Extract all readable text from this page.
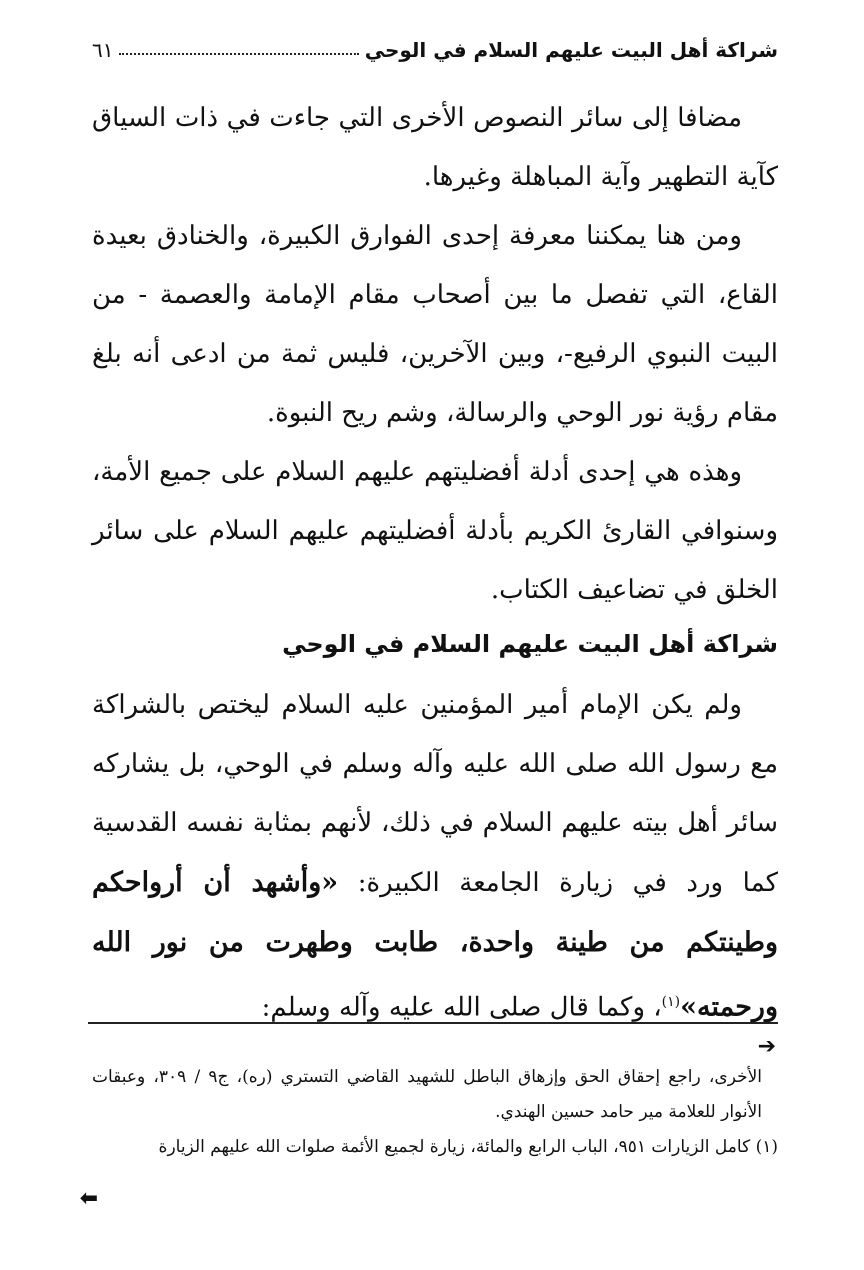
شراكة أهل البيت عليهم السلام في الوحي
٦١

مضافا إلى سائر النصوص الأخرى التي جاءت في ذات السياق كآية التطهير وآية المباهلة وغيرها.

ومن هنا يمكننا معرفة إحدى الفوارق الكبيرة، والخنادق بعيدة القاع، التي تفصل ما بين أصحاب مقام الإمامة والعصمة - من البيت النبوي الرفيع-، وبين الآخرين، فليس ثمة من ادعى أنه بلغ مقام رؤية نور الوحي والرسالة، وشم ريح النبوة.

وهذه هي إحدى أدلة أفضليتهم عليهم السلام على جميع الأمة، وسنوافي القارئ الكريم بأدلة أفضليتهم عليهم السلام على سائر الخلق في تضاعيف الكتاب.

شراكة أهل البيت عليهم السلام في الوحي

ولم يكن الإمام أمير المؤمنين عليه السلام ليختص بالشراكة مع رسول الله صلى الله عليه وآله وسلم في الوحي، بل يشاركه سائر أهل بيته عليهم السلام في ذلك، لأنهم بمثابة نفسه القدسية كما ورد في زيارة الجامعة الكبيرة: «وأشهد أن أرواحكم وطينتكم من طينة واحدة، طابت وطهرت من نور الله ورحمته»$^{(١)}$، وكما قال صلى الله عليه وآله وسلم:

➔

الأخرى، راجع إحقاق الحق وإزهاق الباطل للشهيد القاضي التستري (ره)، ج٩ / ٣٠٩، وعبقات الأنوار للعلامة مير حامد حسين الهندي.

(١) كامل الزيارات ٩٥١، الباب الرابع والمائة، زيارة لجميع الأئمة صلوات الله عليهم الزيارة

⬅
